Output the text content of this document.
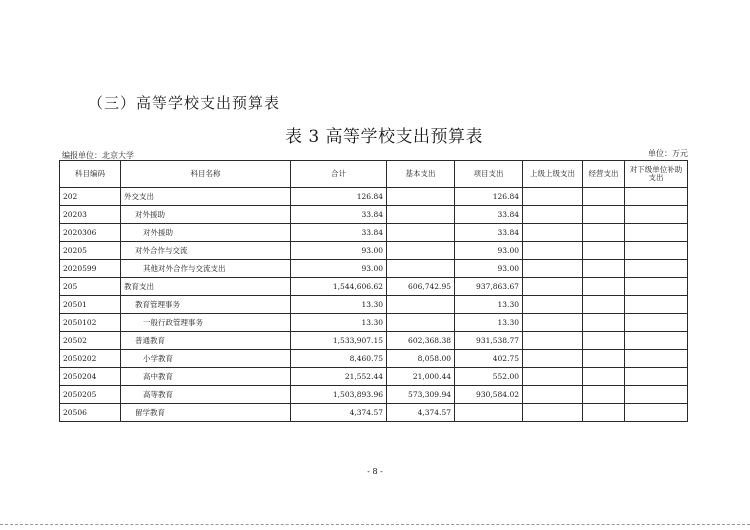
（三）高等学校支出预算表
表 3 高等学校支出预算表
编报单位：北京大学	单位：万元
科目编码	科目名称	合计	基本支出	项目支出	上级上级支出	经营支出	对下级单位补助支出
202	外交支出	126.84		126.84			
20203	对外援助	33.84		33.84			
2020306	对外援助	33.84		33.84			
20205	对外合作与交流	93.00		93.00			
2020599	其他对外合作与交流支出	93.00		93.00			
205	教育支出	1,544,606.62	606,742.95	937,863.67			
20501	教育管理事务	13.30		13.30			
2050102	一般行政管理事务	13.30		13.30			
20502	普通教育	1,533,907.15	602,368.38	931,538.77			
2050202	小学教育	8,460.75	8,058.00	402.75			
2050204	高中教育	21,552.44	21,000.44	552.00			
2050205	高等教育	1,503,893.96	573,309.94	930,584.02			
20506	留学教育	4,374.57	4,374.57				
- 8 -
